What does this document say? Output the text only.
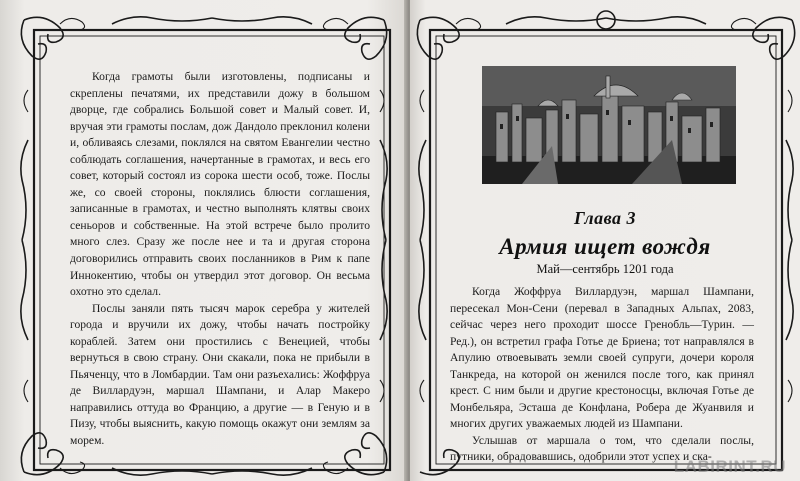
Когда грамоты были изготовлены, подписаны и скреплены печатями, их представили дожу в большом дворце, где собрались Большой совет и Малый совет. И, вручая эти грамоты послам, дож Дандоло преклонил колени и, обливаясь слезами, поклялся на святом Евангелии честно соблюдать соглашения, начертанные в грамотах, и весь его совет, который состоял из сорока шести особ, тоже. Послы же, со своей стороны, поклялись блюсти соглашения, записанные в грамотах, и честно выполнять клятвы своих сеньоров и собственные. На этой встрече было пролито много слез. Сразу же после нее и та и другая сторона договорились отправить своих посланников в Рим к папе Иннокентию, чтобы он утвердил этот договор. Он весьма охотно это сделал.

Послы заняли пять тысяч марок серебра у жителей города и вручили их дожу, чтобы начать постройку кораблей. Затем они простились с Венецией, чтобы вернуться в свою страну. Они скакали, пока не прибыли в Пьяченцу, что в Ломбардии. Там они разъехались: Жоффруа де Виллардуэн, маршал Шампани, и Алар Макеро направились оттуда во Францию, а другие — в Геную и в Пизу, чтобы выяснить, какую помощь окажут они землям за морем.

Глава 3
Армия ищет вождя
Май—сентябрь 1201 года

Когда Жоффруа Виллардуэн, маршал Шампани, пересекал Мон-Сени (перевал в Западных Альпах, 2083, сейчас через него проходит шоссе Гренобль—Турин. — Ред.), он встретил графа Готье де Бриена; тот направлялся в Апулию отвоевывать земли своей супруги, дочери короля Танкреда, на которой он женился после того, как принял крест. С ним были и другие крестоносцы, включая Готье де Монбельяра, Эсташа де Конфлана, Робера де Жуанвиля и многих других уважаемых людей из Шампани.

Услышав от маршала о том, что сделали послы, путники, обрадовавшись, одобрили этот успех и ска-

LABIRINT.RU
